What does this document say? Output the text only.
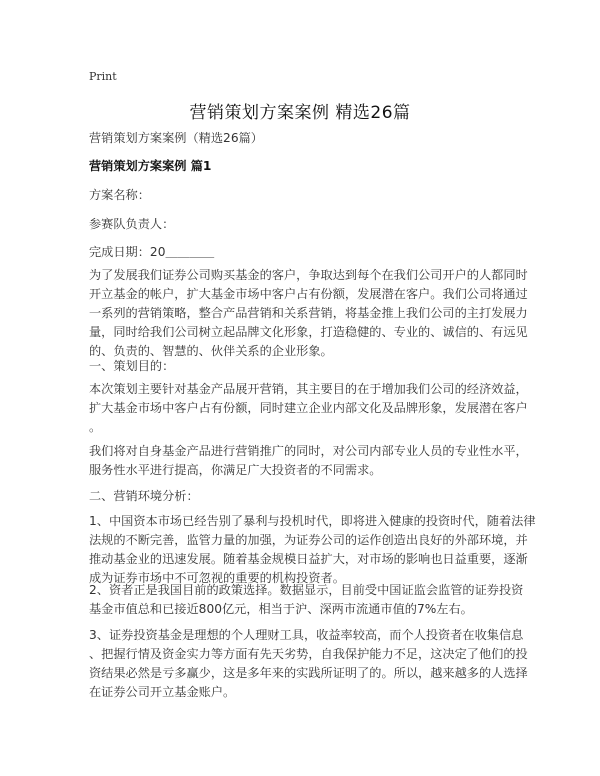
Print
营销策划方案案例 精选26篇
营销策划方案案例（精选26篇）
营销策划方案案例 篇1
方案名称：
参赛队负责人：
完成日期：20＿＿＿＿
为了发展我们证券公司购买基金的客户，争取达到每个在我们公司开户的人都同时
开立基金的帐户，扩大基金市场中客户占有份额，发展潜在客户。我们公司将通过
一系列的营销策略，整合产品营销和关系营销，将基金推上我们公司的主打发展力
量，同时给我们公司树立起品牌文化形象，打造稳健的、专业的、诚信的、有远见
的、负责的、智慧的、伙伴关系的企业形象。
一、策划目的：
本次策划主要针对基金产品展开营销，其主要目的在于增加我们公司的经济效益，
扩大基金市场中客户占有份额，同时建立企业内部文化及品牌形象，发展潜在客户
。
我们将对自身基金产品进行营销推广的同时，对公司内部专业人员的专业性水平，
服务性水平进行提高，你满足广大投资者的不同需求。
二、营销环境分析：
1、中国资本市场已经告别了暴利与投机时代，即将进入健康的投资时代，随着法律
法规的不断完善，监管力量的加强，为证券公司的运作创造出良好的外部环境，并
推动基金业的迅速发展。随着基金规模日益扩大，对市场的影响也日益重要，逐渐
成为证券市场中不可忽视的重要的机构投资者。
2、资者正是我国目前的政策选择。数据显示，目前受中国证监会监管的证券投资
基金市值总和已接近800亿元，相当于沪、深两市流通市值的7%左右。
3、证券投资基金是理想的个人理财工具，收益率较高，而个人投资者在收集信息
、把握行情及资金实力等方面有先天劣势，自我保护能力不足，这决定了他们的投
资结果必然是亏多赢少，这是多年来的实践所证明了的。所以，越来越多的人选择
在证券公司开立基金账户。
